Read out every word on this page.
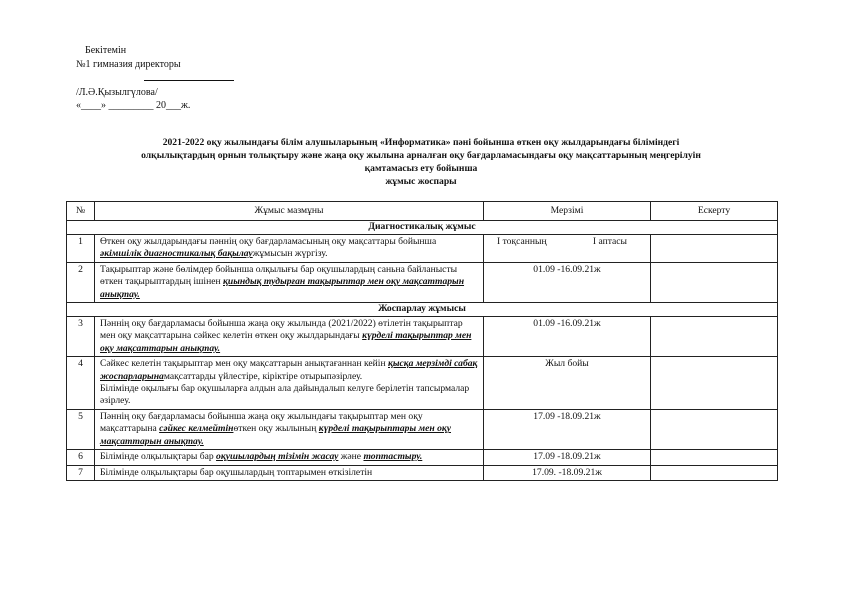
Бекітемін
№1 гимназия директоры
/Л.Ә.Қызылгүлова/
«____» _________ 20___ж.
2021-2022 оқу жылындағы білім алушыларының «Информатика» пәні бойынша өткен оқу жылдарындағы біліміндегі
олқылықтардың орнын толықтыру және жаңа оқу жылына арналған оқу бағдарламасындағы оқу мақсаттарының меңгерілуін
қамтамасыз ету бойынша
жұмыс жоспары
№	Жұмыс мазмұны	Мерзімі	Ескерту
Диагностикалық жұмыс			
1	Өткен оқу жылдарындағы пәннің оқу бағдарламасының оқу мақсаттары бойынша әкімшілік диагностикалық бақылаужұмысын жүргізу.	І тоқсанның І аптасы	

2	Тақырыптар және бөлімдер бойынша олқылығы бар оқушылардың саньна байланысты өткен тақырыптардың ішінен қиындық тудырған тақырыптар мен оқу мақсаттарын анықтау.	01.09 -16.09.21ж	
Жоспарлау жұмысы			
3	Пәннің оқу бағдарламасы бойынша жаңа оқу жылында (2021/2022) өтілетін тақырыптар мен оқу мақсаттарына сәйкес келетін өткен оқу жылдарындағы күрделі тақырыптар мен оқу мақсаттарын анықтау.	01.09 -16.09.21ж	
4	Сәйкес келетін тақырыптар мен оқу мақсаттарын анықтағаннан кейін қысқа мерзімді сабақ жоспарларынамақсаттарды үйлестіре, кіріктіре отырыпәзірлеу.
Білімінде оқылығы бар оқушыларға алдын ала дайындалып келуге берілетін тапсырмалар әзірлеу.	Жыл бойы	
5	Пәннің оқу бағдарламасы бойынша жаңа оқу жылындағы тақырыптар мен оқу мақсаттарына сәйкес келмейтінөткен оқу жылының күрделі тақырыптары мен оқу мақсаттарын анықтау.	17.09 -18.09.21ж	
6	Білімінде олқылықтары бар оқушылардың тізімін жасау және топтастыру.	17.09 -18.09.21ж	
7	Білімінде олқылықтары бар оқушылардың топтарымен өткізілетін	17.09. -18.09.21ж	
